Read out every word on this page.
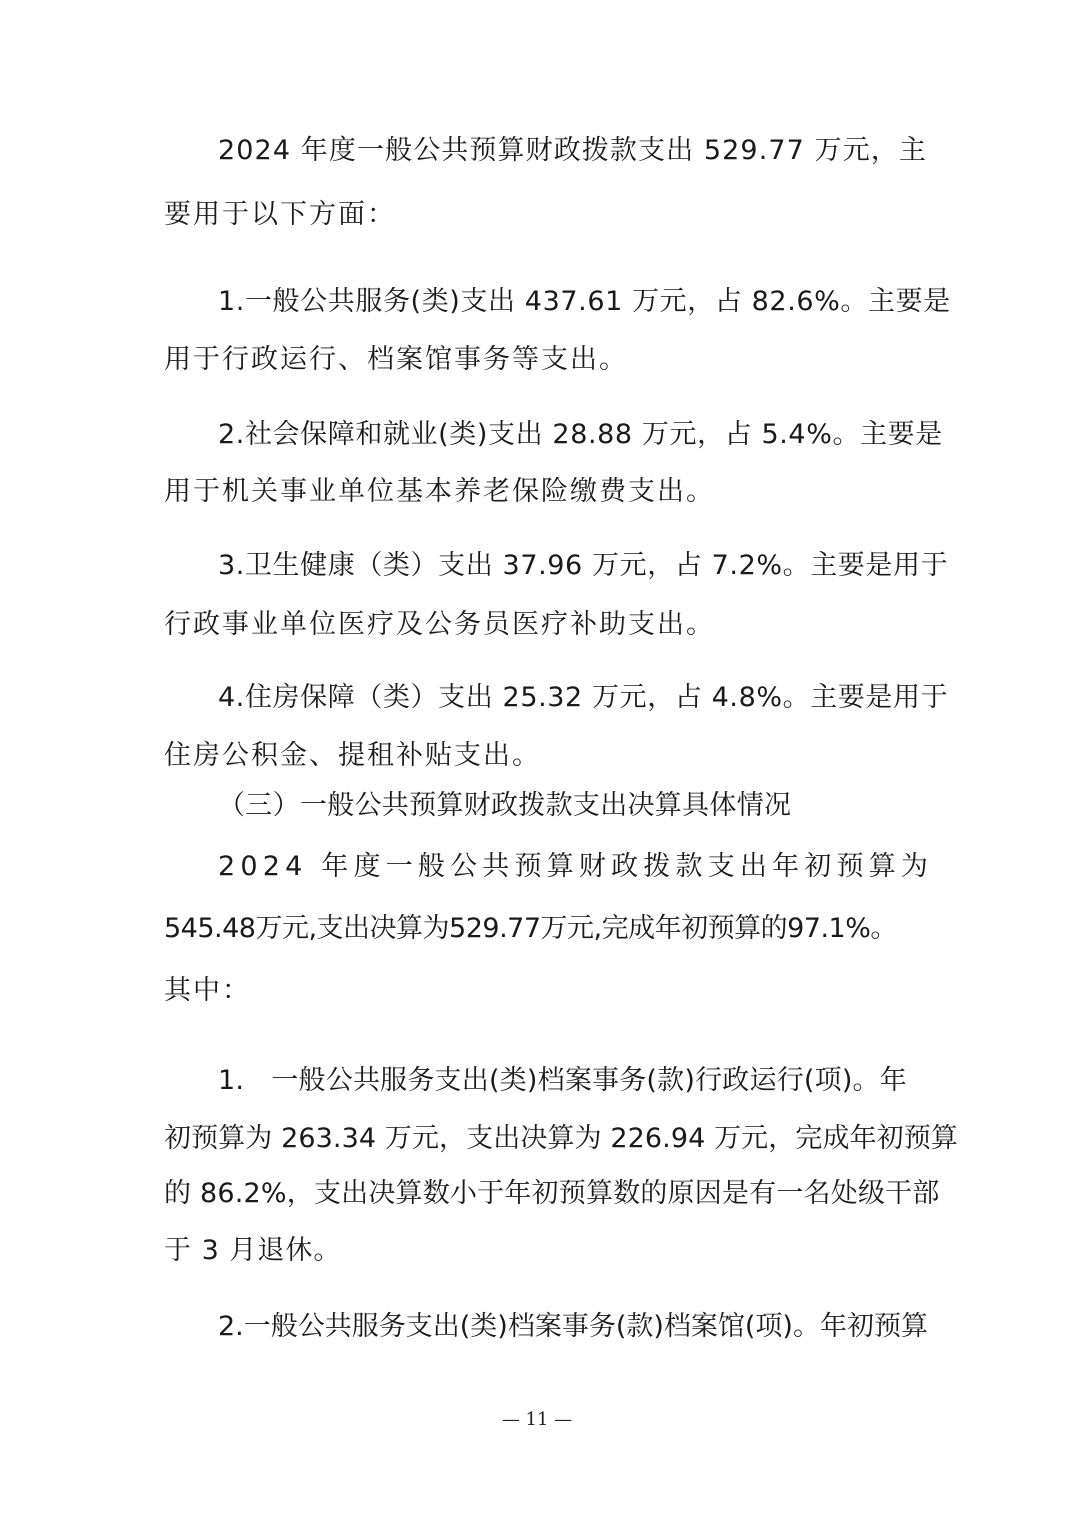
2024 年度一般公共预算财政拨款支出 529.77 万元，主
要用于以下方面：
1.一般公共服务(类)支出 437.61 万元，占 82.6%。主要是
用于行政运行、档案馆事务等支出。
2.社会保障和就业(类)支出 28.88 万元，占 5.4%。主要是
用于机关事业单位基本养老保险缴费支出。
3.卫生健康（类）支出 37.96 万元，占 7.2%。主要是用于
行政事业单位医疗及公务员医疗补助支出。
4.住房保障（类）支出 25.32 万元，占 4.8%。主要是用于
住房公积金、提租补贴支出。
（三）一般公共预算财政拨款支出决算具体情况
2024 年度一般公共预算财政拨款支出年初预算为
545.48万元,支出决算为529.77万元,完成年初预算的97.1%。
其中：
1.　一般公共服务支出(类)档案事务(款)行政运行(项)。年
初预算为 263.34 万元，支出决算为 226.94 万元，完成年初预算
的 86.2%，支出决算数小于年初预算数的原因是有一名处级干部
于 3 月退休。
2.一般公共服务支出(类)档案事务(款)档案馆(项)。年初预算
— 11 —
